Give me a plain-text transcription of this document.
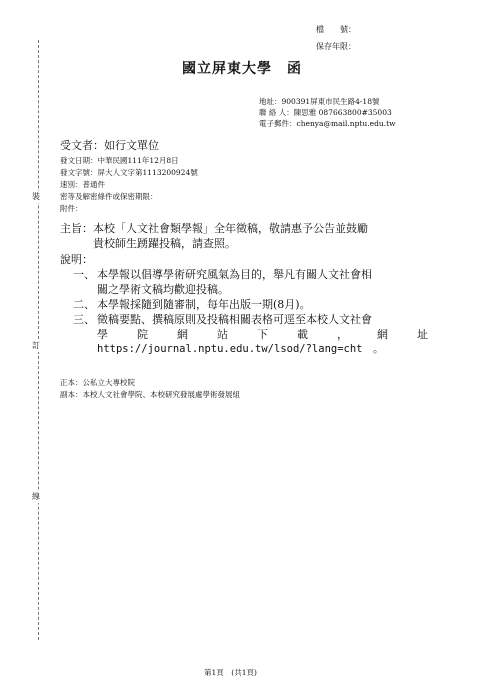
裝
訂
線
檔　　號：
保存年限：
國立屏東大學　函
地址：900391屏東市民生路4-18號
聯 絡 人：陳思雅 087663800#35003
電子郵件：chenya@mail.nptu.edu.tw
受文者：如行文單位
發文日期：中華民國111年12月8日
發文字號：屏大人文字第1113200924號
速別：普通件
密等及解密條件或保密期限：
附件：
主旨： 本校「人文社會類學報」全年徵稿，敬請惠予公告並鼓勵
貴校師生踴躍投稿，請查照。
說明：
一、 本學報以倡導學術研究風氣為目的，舉凡有關人文社會相
關之學術文稿均歡迎投稿。
二、 本學報採隨到隨審制，每年出版一期(8月)。
三、 徵稿要點、撰稿原則及投稿相關表格可逕至本校人文社會
學	院	網	站	下	載	，	網	址
https://journal.nptu.edu.tw/lsod/?lang=cht　。
正本：公私立大專校院
副本：本校人文社會學院、本校研究發展處學術發展組
第1頁　(共1頁)
